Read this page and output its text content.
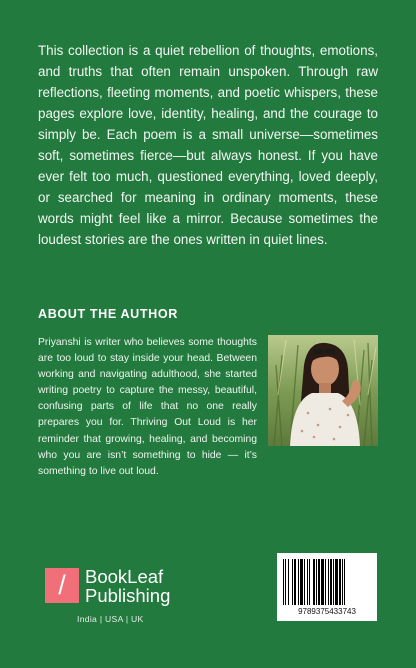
This collection is a quiet rebellion of thoughts, emotions, and truths that often remain unspoken. Through raw reflections, fleeting moments, and poetic whispers, these pages explore love, identity, healing, and the courage to simply be. Each poem is a small universe—sometimes soft, sometimes fierce—but always honest. If you have ever felt too much, questioned everything, loved deeply, or searched for meaning in ordinary moments, these words might feel like a mirror. Because sometimes the loudest stories are the ones written in quiet lines.

ABOUT THE AUTHOR

Priyanshi is writer who believes some thoughts are too loud to stay inside your head. Between working and navigating adulthood, she started writing poetry to capture the messy, beautiful, confusing parts of life that no one really prepares you for. Thriving Out Loud is her reminder that growing, healing, and becoming who you are isn’t something to hide — it’s something to live out loud.

/	BookLeaf
Publishing
India | USA | UK
9789375433743
